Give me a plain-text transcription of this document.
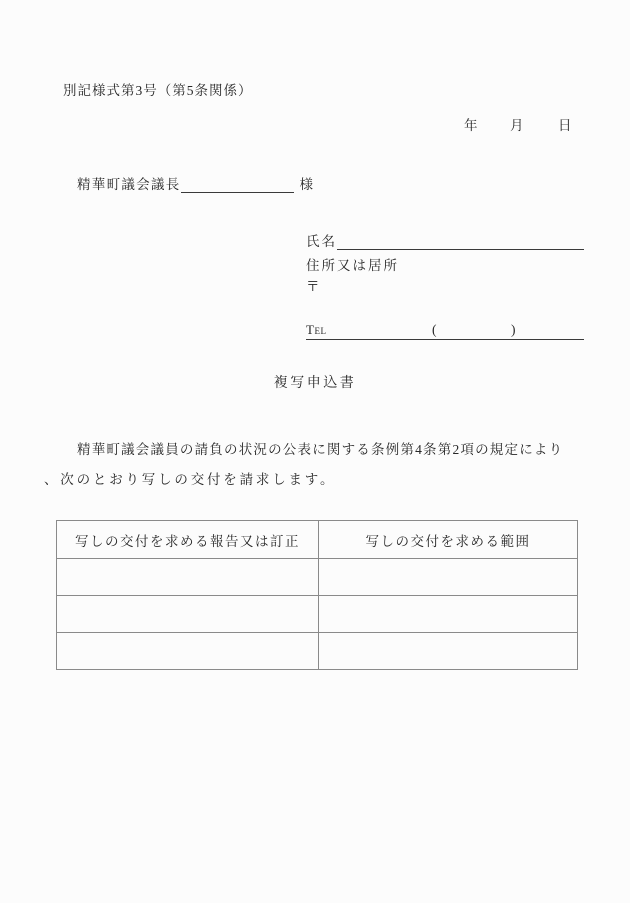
別記様式第3号（第5条関係）
年 月	日
精華町議会議長	様
氏名
住所又は居所
〒
TEL	(	)
複写申込書
精華町議会議員の請負の状況の公表に関する条例第4条第2項の規定により
、次のとおり写しの交付を請求します。
写しの交付を求める報告又は訂正	写しの交付を求める範囲
